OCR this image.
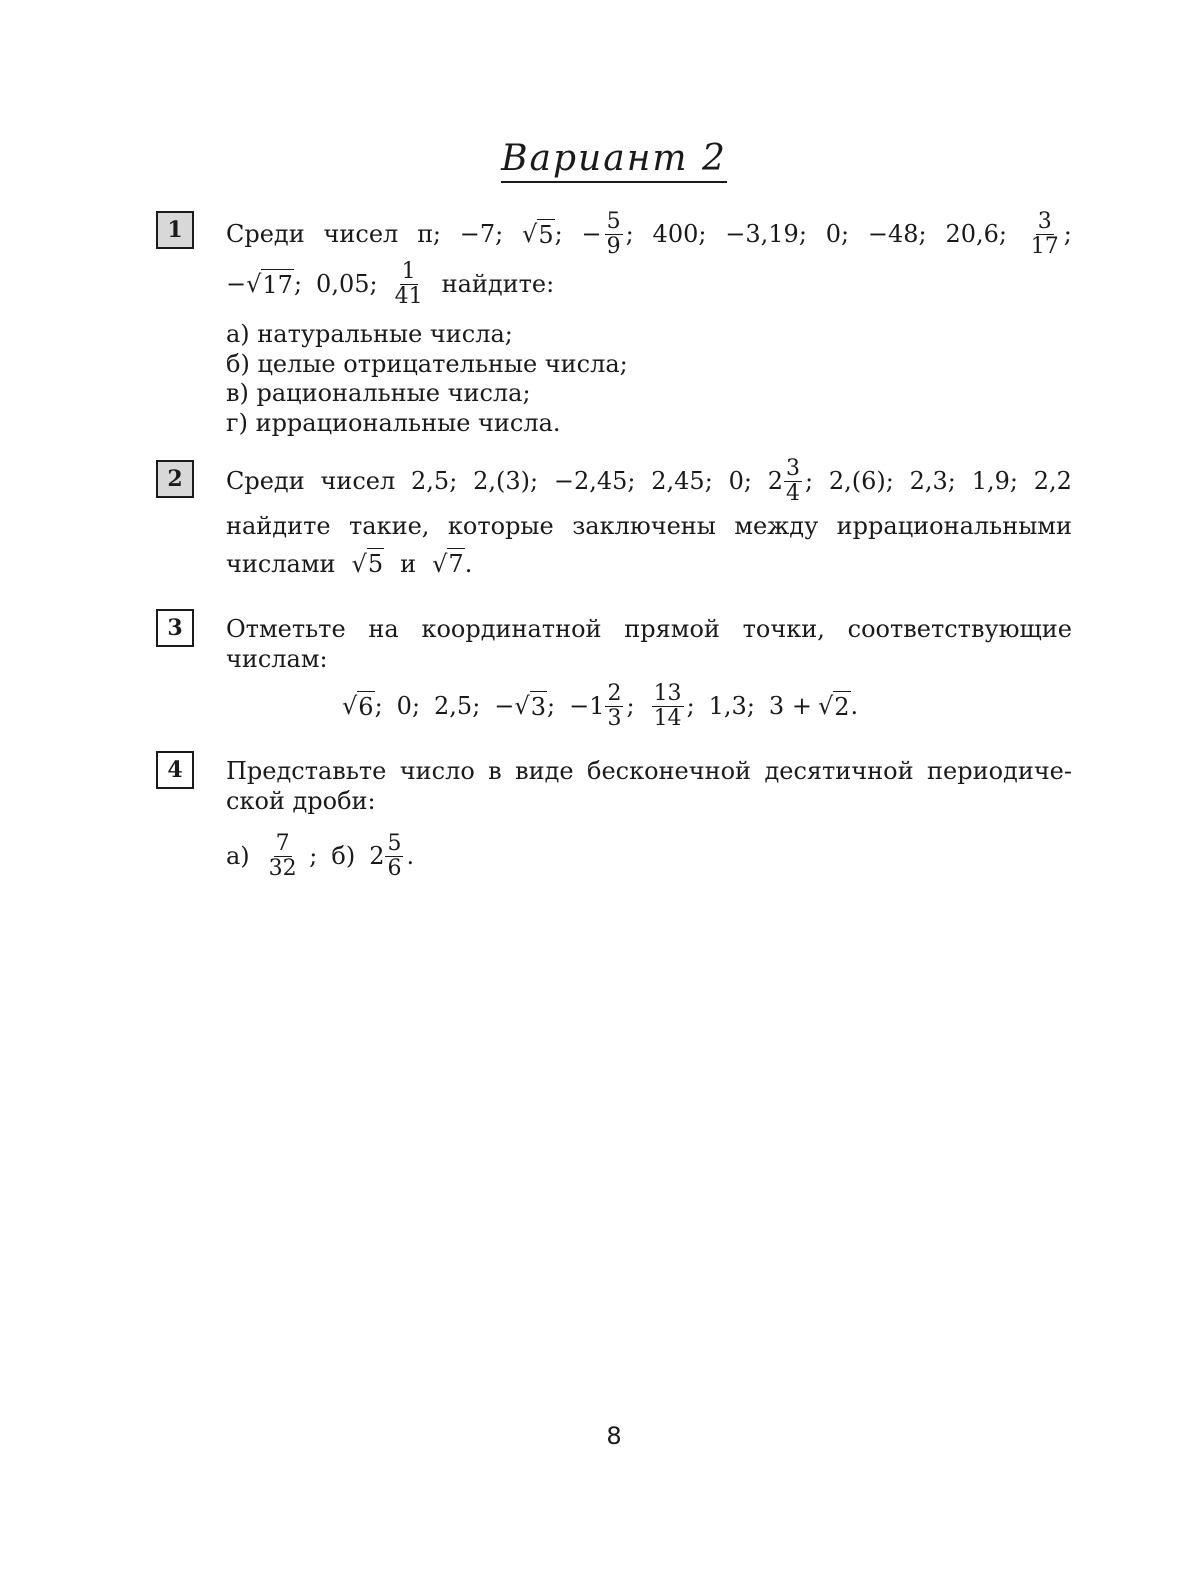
Вариант 2
1	Среди чисел π; −7; √ 5 ; − $\frac{5}{9}$ ; 400; −3,19; 0; −48; 20,6; $\frac{3}{17}$ ;
−√ 17 ; 0,05; $\frac{1}{41}$ найдите:
а) натуральные числа;
б) целые отрицательные числа;
в) рациональные числа;
г) иррациональные числа.
2	Среди чисел 2,5; 2,(3); −2,45; 2,45; 0; $2 \frac{3}{4}$ ; 2,(6); 2,3; 1,9; 2,2
найдите такие, которые заключены между иррациональными
числами √ 5 и √ 7 .
3	Отметьте на координатной прямой точки, соответствующие
числам:
√ 6 ; 0; 2,5; −√ 3 ; $-1 \frac{2}{3}$ ; $\frac{13}{14}$ ; 1,3; 3 + √ 2 .
4	Представьте число в виде бесконечной десятичной периодиче-
ской дроби:
$а) \frac{7}{32}$ ; б) $2 \frac{5}{6}$ .
8
